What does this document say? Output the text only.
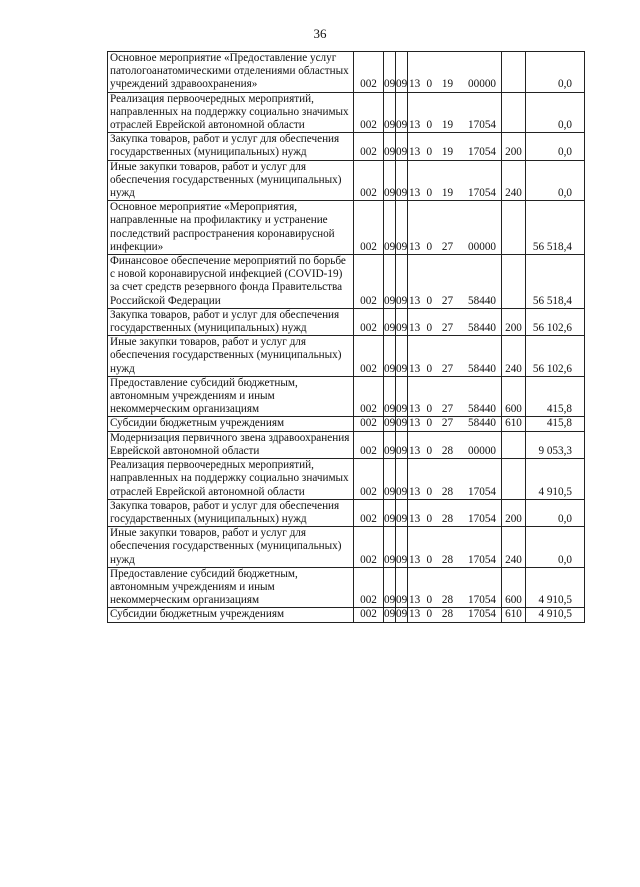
36
Основное мероприятие «Предоставление услуг патологоанатомическими отделениями областных учреждений здравоохранения»	002	09	09	13	0	19	00000		0,0
Реализация первоочередных мероприятий, направленных на поддержку социально значимых отраслей Еврейской автономной области	002	09	09	13	0	19	17054		0,0
Закупка товаров, работ и услуг для обеспечения государственных (муниципальных) нужд	002	09	09	13	0	19	17054	200	0,0
Иные закупки товаров, работ и услуг для обеспечения государственных (муниципальных) нужд	002	09	09	13	0	19	17054	240	0,0
Основное мероприятие «Мероприятия, направленные на профилактику и устранение последствий распространения коронавирусной инфекции»	002	09	09	13	0	27	00000		56 518,4
Финансовое обеспечение мероприятий по борьбе с новой коронавирусной инфекцией (COVID-19) за счет средств резервного фонда Правительства Российской Федерации	002	09	09	13	0	27	58440		56 518,4
Закупка товаров, работ и услуг для обеспечения государственных (муниципальных) нужд	002	09	09	13	0	27	58440	200	56 102,6
Иные закупки товаров, работ и услуг для обеспечения государственных (муниципальных) нужд	002	09	09	13	0	27	58440	240	56 102,6
Предоставление субсидий бюджетным, автономным учреждениям и иным некоммерческим организациям	002	09	09	13	0	27	58440	600	415,8
Субсидии бюджетным учреждениям	002	09	09	13	0	27	58440	610	415,8
Модернизация первичного звена здравоохранения Еврейской автономной области	002	09	09	13	0	28	00000		9 053,3
Реализация первоочередных мероприятий, направленных на поддержку социально значимых отраслей Еврейской автономной области	002	09	09	13	0	28	17054		4 910,5
Закупка товаров, работ и услуг для обеспечения государственных (муниципальных) нужд	002	09	09	13	0	28	17054	200	0,0
Иные закупки товаров, работ и услуг для обеспечения государственных (муниципальных) нужд	002	09	09	13	0	28	17054	240	0,0
Предоставление субсидий бюджетным, автономным учреждениям и иным некоммерческим организациям	002	09	09	13	0	28	17054	600	4 910,5
Субсидии бюджетным учреждениям	002	09	09	13	0	28	17054	610	4 910,5
